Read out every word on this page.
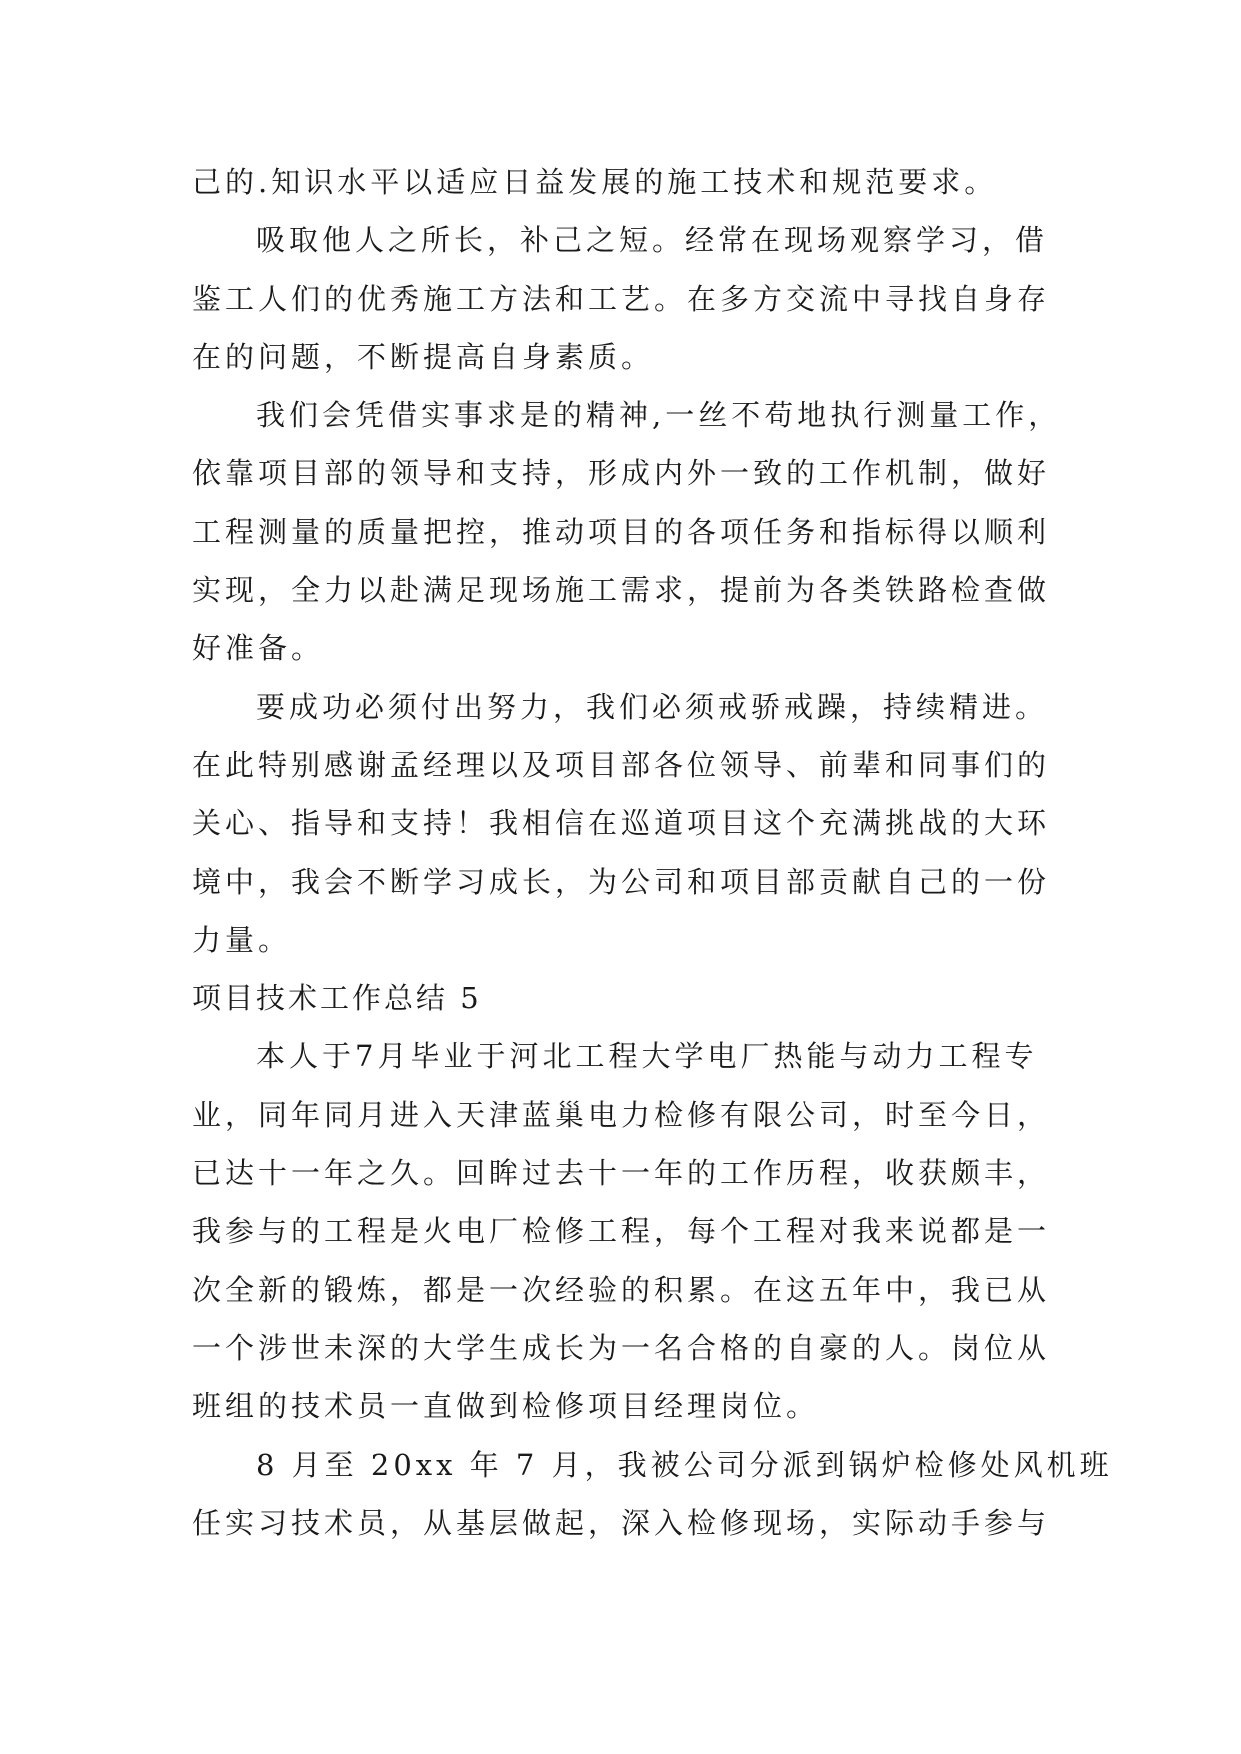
己的.知识水平以适应日益发展的施工技术和规范要求。
吸取他人之所长，补己之短。经常在现场观察学习，借
鉴工人们的优秀施工方法和工艺。在多方交流中寻找自身存
在的问题，不断提高自身素质。
我们会凭借实事求是的精神,一丝不苟地执行测量工作，
依靠项目部的领导和支持，形成内外一致的工作机制，做好
工程测量的质量把控，推动项目的各项任务和指标得以顺利
实现，全力以赴满足现场施工需求，提前为各类铁路检查做
好准备。
要成功必须付出努力，我们必须戒骄戒躁，持续精进。
在此特别感谢孟经理以及项目部各位领导、前辈和同事们的
关心、指导和支持！我相信在巡道项目这个充满挑战的大环
境中，我会不断学习成长，为公司和项目部贡献自己的一份
力量。
项目技术工作总结 5
本人于7月毕业于河北工程大学电厂热能与动力工程专
业，同年同月进入天津蓝巢电力检修有限公司，时至今日，
已达十一年之久。回眸过去十一年的工作历程，收获颇丰，
我参与的工程是火电厂检修工程，每个工程对我来说都是一
次全新的锻炼，都是一次经验的积累。在这五年中，我已从
一个涉世未深的大学生成长为一名合格的自豪的人。岗位从
班组的技术员一直做到检修项目经理岗位。
8 月至 20xx 年 7 月，我被公司分派到锅炉检修处风机班
任实习技术员，从基层做起，深入检修现场，实际动手参与
